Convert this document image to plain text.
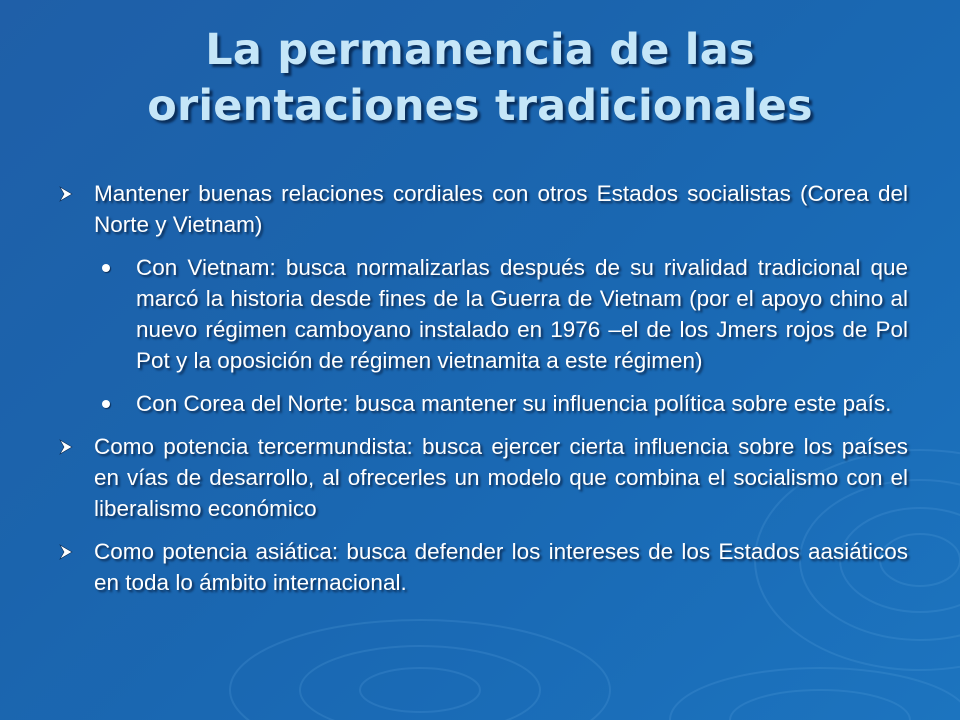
La permanencia de las orientaciones tradicionales
Mantener buenas relaciones cordiales con otros Estados socialistas (Corea del Norte y Vietnam)
Con Vietnam: busca normalizarlas después de su rivalidad tradicional que marcó la historia desde fines de la Guerra de Vietnam (por el apoyo chino al nuevo régimen camboyano instalado en 1976 –el de los Jmers rojos de Pol Pot y la oposición de régimen vietnamita a este régimen)
Con Corea del Norte: busca mantener su influencia política sobre este país.
Como potencia tercermundista: busca ejercer cierta influencia sobre los países en vías de desarrollo, al ofrecerles un modelo que combina el socialismo con el liberalismo económico
Como potencia asiática: busca defender los intereses de los Estados aasiáticos en toda lo ámbito internacional.
